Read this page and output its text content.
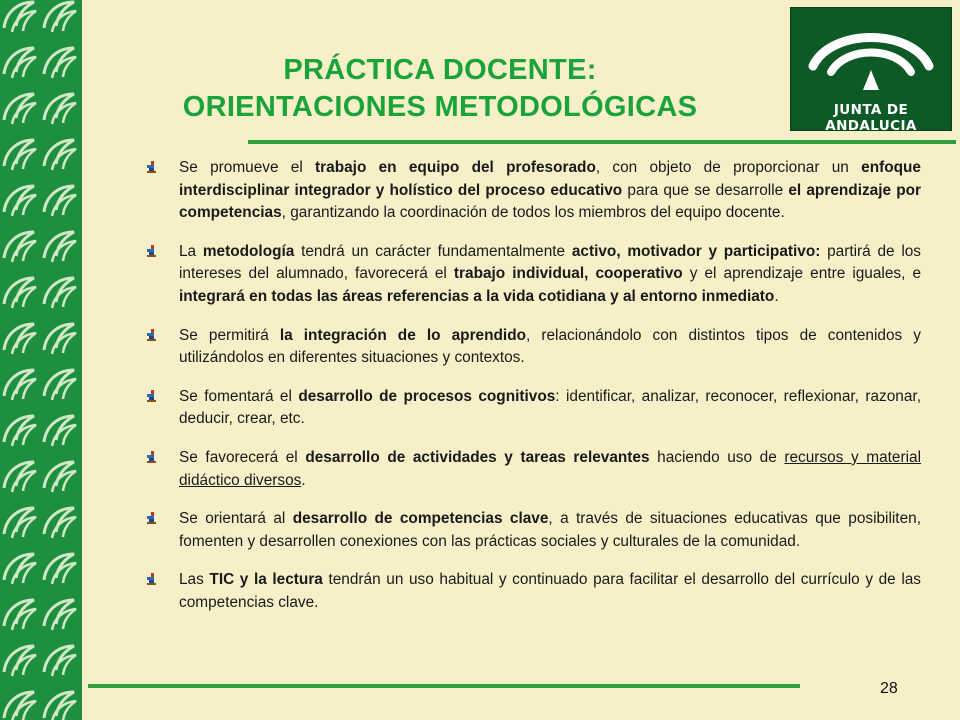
PRÁCTICA DOCENTE:
ORIENTACIONES METODOLÓGICAS	JUNTA DE ANDALUCIA
Se promueve el trabajo en equipo del profesorado, con objeto de proporcionar un enfoque interdisciplinar integrador y holístico del proceso educativo para que se desarrolle el aprendizaje por competencias, garantizando la coordinación de todos los miembros del equipo docente.
La metodología tendrá un carácter fundamentalmente activo, motivador y participativo: partirá de los intereses del alumnado, favorecerá el trabajo individual, cooperativo y el aprendizaje entre iguales, e integrará en todas las áreas referencias a la vida cotidiana y al entorno inmediato.
Se permitirá la integración de lo aprendido, relacionándolo con distintos tipos de contenidos y utilizándolos en diferentes situaciones y contextos.
Se fomentará el desarrollo de procesos cognitivos: identificar, analizar, reconocer, reflexionar, razonar, deducir, crear, etc.
Se favorecerá el desarrollo de actividades y tareas relevantes haciendo uso de recursos y material didáctico diversos.
Se orientará al desarrollo de competencias clave, a través de situaciones educativas que posibiliten, fomenten y desarrollen conexiones con las prácticas sociales y culturales de la comunidad.
Las TIC y la lectura tendrán un uso habitual y continuado para facilitar el desarrollo del currículo y de las competencias clave.
28
